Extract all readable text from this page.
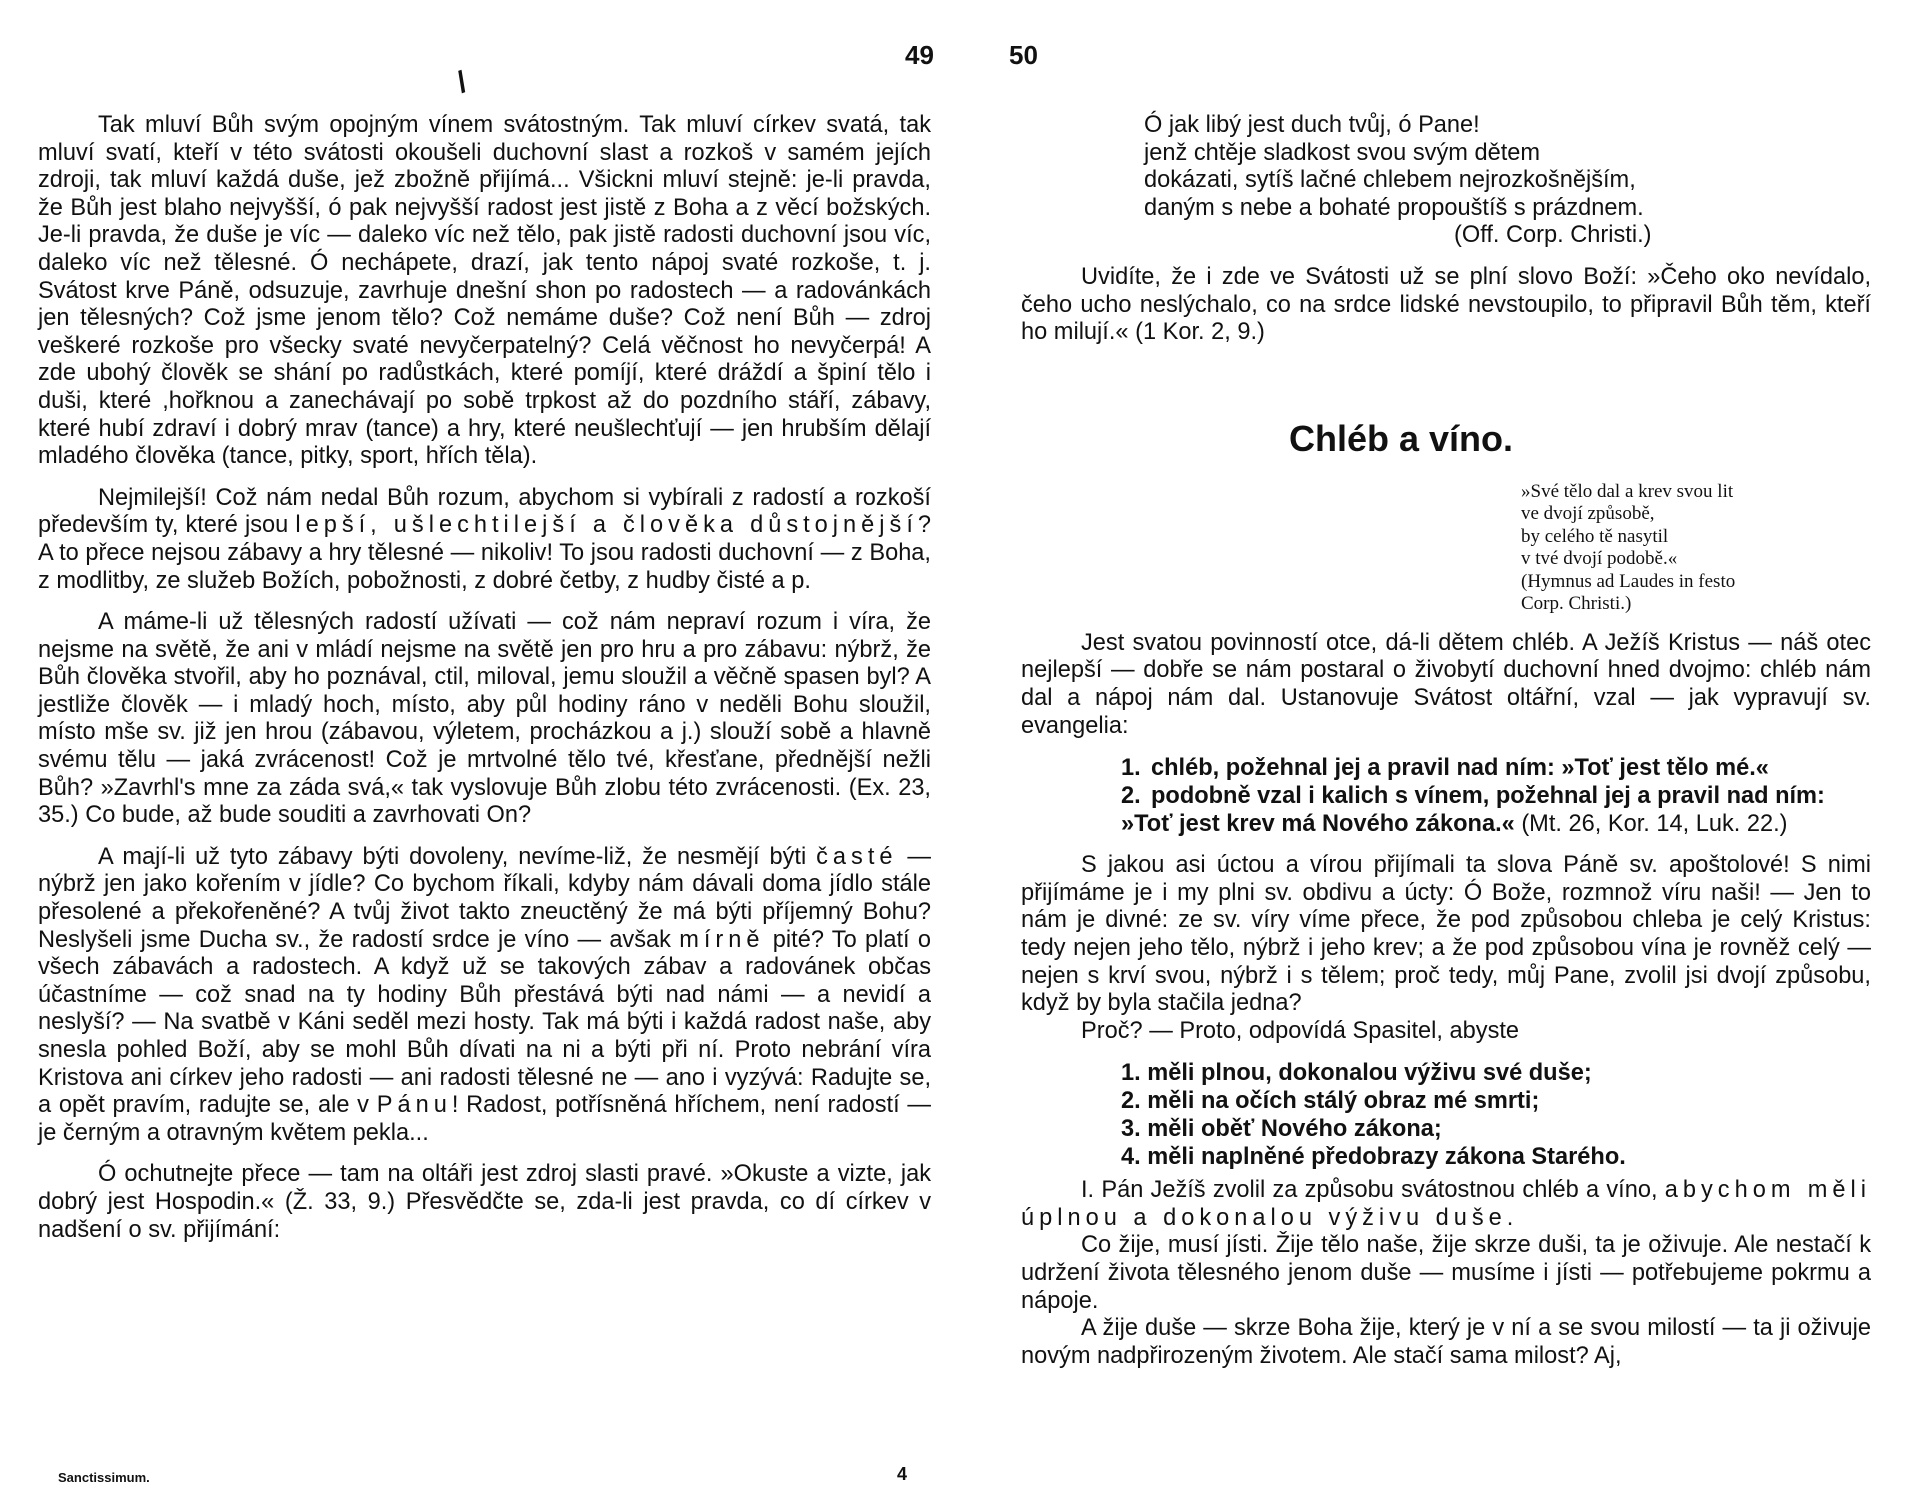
/
49

Tak mluví Bůh svým opojným vínem svátostným. Tak mluví církev svatá, tak mluví svatí, kteří v této svátosti okoušeli duchovní slast a rozkoš v samém jejích zdroji, tak mluví každá duše, jež zbožně přijímá... Všickni mluví stejně: je-li pravda, že Bůh jest blaho nejvyšší, ó pak nejvyšší radost jest jistě z Boha a z věcí božských. Je-li pravda, že duše je víc — daleko víc než tělo, pak jistě radosti duchovní jsou víc, daleko víc než tělesné. Ó nechápete, drazí, jak tento nápoj svaté rozkoše, t. j. Svátost krve Páně, odsuzuje, zavrhuje dnešní shon po radostech — a radovánkách jen tělesných? Což jsme jenom tělo? Což nemáme duše? Což není Bůh — zdroj veškeré rozkoše pro všecky svaté nevyčerpatelný? Celá věčnost ho nevyčerpá! A zde ubohý člověk se shání po radůstkách, které pomíjí, které dráždí a špiní tělo i duši, které ,hořknou a zanechávají po sobě trpkost až do pozdního stáří, zábavy, které hubí zdraví i dobrý mrav (tance) a hry, které neušlechťují — jen hrubším dělají mladého člověka (tance, pitky, sport, hřích těla).

Nejmilejší! Což nám nedal Bůh rozum, abychom si vybírali z radostí a rozkoší především ty, které jsou lepší, ušlechtilejší a člověka důstojnější? A to přece nejsou zábavy a hry tělesné — nikoliv! To jsou radosti duchovní — z Boha, z modlitby, ze služeb Božích, pobožnosti, z dobré četby, z hudby čisté a p.

A máme-li už tělesných radostí užívati — což nám nepraví rozum i víra, že nejsme na světě, že ani v mládí nejsme na světě jen pro hru a pro zábavu: nýbrž, že Bůh člověka stvořil, aby ho poznával, ctil, miloval, jemu sloužil a věčně spasen byl? A jestliže člověk — i mladý hoch, místo, aby půl hodiny ráno v neděli Bohu sloužil, místo mše sv. již jen hrou (zábavou, výletem, procházkou a j.) slouží sobě a hlavně svému tělu — jaká zvrácenost! Což je mrtvolné tělo tvé, křesťane, přednější nežli Bůh? »Zavrhl's mne za záda svá,« tak vyslovuje Bůh zlobu této zvrácenosti. (Ex. 23, 35.) Co bude, až bude souditi a zavrhovati On?

A mají-li už tyto zábavy býti dovoleny, nevíme-liž, že nesmějí býti časté —nýbrž jen jako kořením v jídle? Co bychom říkali, kdyby nám dávali doma jídlo stále přesolené a překořeněné? A tvůj život takto zneuctěný že má býti příjemný Bohu? Neslyšeli jsme Ducha sv., že radostí srdce je víno — avšak mírně pité? To platí o všech zábavách a radostech. A když už se takových zábav a radovánek občas účastníme — což snad na ty hodiny Bůh přestává býti nad námi — a nevidí a neslyší? — Na svatbě v Káni seděl mezi hosty. Tak má býti i každá radost naše, aby snesla pohled Boží, aby se mohl Bůh dívati na ni a býti při ní. Proto nebrání víra Kristova ani církev jeho radosti — ani radosti tělesné ne — ano i vyzývá: Radujte se, a opět pravím, radujte se, ale v Pánu! Radost, potřísněná hříchem, není radostí — je černým a otravným květem pekla...

Ó ochutnejte přece — tam na oltáři jest zdroj slasti pravé. »Okuste a vizte, jak dobrý jest Hospodin.« (Ž. 33, 9.) Přesvědčte se, zda-li jest pravda, co dí církev v nadšení o sv. přijímání:

Sanctissimum.	4
50
Ó jak libý jest duch tvůj, ó Pane!
jenž chtěje sladkost svou svým dětem
dokázati, sytíš lačné chlebem nejrozkošnějším,
daným s nebe a bohaté propouštíš s prázdnem.
(Off. Corp. Christi.)

Uvidíte, že i zde ve Svátosti už se plní slovo Boží: »Čeho oko nevídalo, čeho ucho neslýchalo, co na srdce lidské nevstoupilo, to připravil Bůh těm, kteří ho milují.« (1 Kor. 2, 9.)

Chléb a víno.
»Své tělo dal a krev svou lit
ve dvojí způsobě,
by celého tě nasytil
v tvé dvojí podobě.«
(Hymnus ad Laudes in festo
Corp. Christi.)

Jest svatou povinností otce, dá-li dětem chléb. A Ježíš Kristus — náš otec nejlepší — dobře se nám postaral o živobytí duchovní hned dvojmo: chléb nám dal a nápoj nám dal. Ustanovuje Svátost oltářní, vzal — jak vypravují sv. evangelia:

1. chléb, požehnal jej a pravil nad ním: »Toť jest tělo mé.«
2. podobně vzal i kalich s vínem, požehnal jej a pravil nad ním: »Toť jest krev má Nového zákona.« (Mt. 26, Kor. 14, Luk. 22.)

S jakou asi úctou a vírou přijímali ta slova Páně sv. apoštolové! S nimi přijímáme je i my plni sv. obdivu a úcty: Ó Bože, rozmnož víru naši! — Jen to nám je divné: ze sv. víry víme přece, že pod způsobou chleba je celý Kristus: tedy nejen jeho tělo, nýbrž i jeho krev; a že pod způsobou vína je rovněž celý — nejen s krví svou, nýbrž i s tělem; proč tedy, můj Pane, zvolil jsi dvojí způsobu, když by byla stačila jedna?

Proč? — Proto, odpovídá Spasitel, abyste

1. měli plnou, dokonalou výživu své duše;
2. měli na očích stálý obraz mé smrti;
3. měli oběť Nového zákona;
4. měli naplněné předobrazy zákona Starého.

I. Pán Ježíš zvolil za způsobu svátostnou chléb a víno, abychom měli úplnou a dokonalou výživu duše.

Co žije, musí jísti. Žije tělo naše, žije skrze duši, ta je oživuje. Ale nestačí k udržení života tělesného jenom duše — musíme i jísti — potřebujeme pokrmu a nápoje.

A žije duše — skrze Boha žije, který je v ní a se svou milostí — ta ji oživuje novým nadpřirozeným životem. Ale stačí sama milost? Aj,
